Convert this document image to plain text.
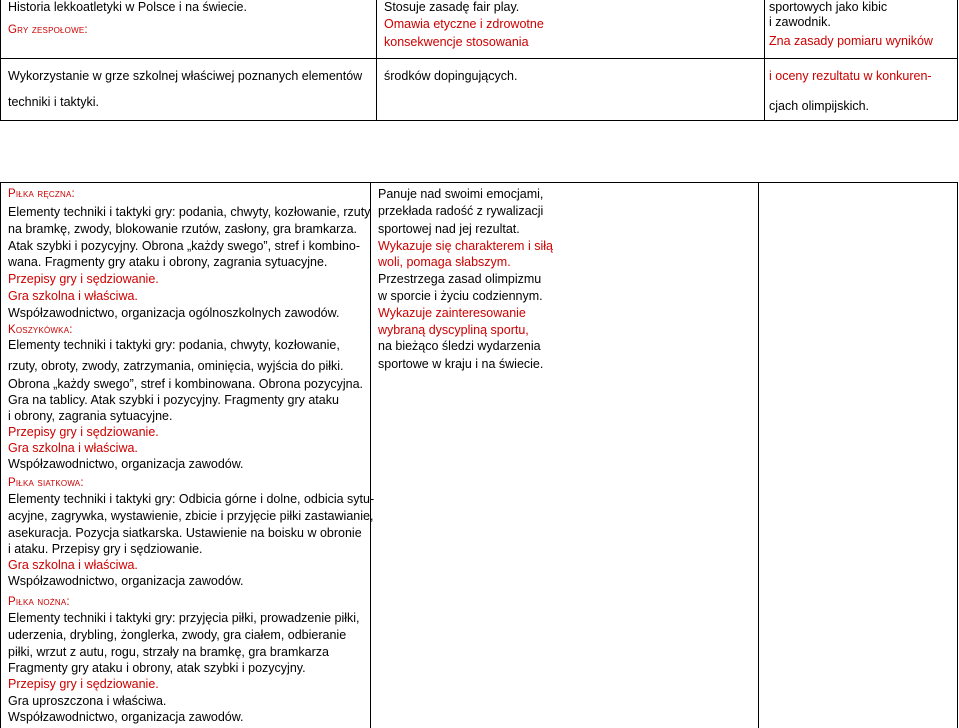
Historia lekkoatletyki w Polsce i na świecie.
Gry zespołowe:
Wykorzystanie w grze szkolnej właściwej poznanych elementów
techniki i taktyki.
Stosuje zasadę fair play.
Omawia etyczne i zdrowotne
konsekwencje stosowania
środków dopingujących.
sportowych jako kibic
i zawodnik.
Zna zasady pomiaru wyników
i oceny rezultatu w konkuren-
cjach olimpijskich.
Piłka ręczna:
Elementy techniki i taktyki gry: podania, chwyty, kozłowanie, rzuty
na bramkę, zwody, blokowanie rzutów, zasłony, gra bramkarza.
Atak szybki i pozycyjny. Obrona „każdy swego”, stref i kombino-
wana. Fragmenty gry ataku i obrony, zagrania sytuacyjne.
Przepisy gry i sędziowanie.
Gra szkolna i właściwa.
Współzawodnictwo, organizacja ogólnoszkolnych zawodów.
Koszykówka:
Elementy techniki i taktyki gry: podania, chwyty, kozłowanie,
rzuty, obroty, zwody, zatrzymania, ominięcia, wyjścia do piłki.
Obrona „każdy swego”, stref i kombinowana. Obrona pozycyjna.
Gra na tablicy. Atak szybki i pozycyjny. Fragmenty gry ataku
i obrony, zagrania sytuacyjne.
Przepisy gry i sędziowanie.
Gra szkolna i właściwa.
Współzawodnictwo, organizacja zawodów.
Piłka siatkowa:
Elementy techniki i taktyki gry: Odbicia górne i dolne, odbicia sytu-
acyjne, zagrywka, wystawienie, zbicie i przyjęcie piłki zastawianie,
asekuracja. Pozycja siatkarska. Ustawienie na boisku w obronie
i ataku. Przepisy gry i sędziowanie.
Gra szkolna i właściwa.
Współzawodnictwo, organizacja zawodów.
Piłka nożna:
Elementy techniki i taktyki gry: przyjęcia piłki, prowadzenie piłki,
uderzenia, drybling, żonglerka, zwody, gra ciałem, odbieranie
piłki, wrzut z autu, rogu, strzały na bramkę, gra bramkarza
Fragmenty gry ataku i obrony, atak szybki i pozycyjny.
Przepisy gry i sędziowanie.
Gra uproszczona i właściwa.
Współzawodnictwo, organizacja zawodów.
Panuje nad swoimi emocjami,
przekłada radość z rywalizacji
sportowej nad jej rezultat.
Wykazuje się charakterem i siłą
woli, pomaga słabszym.
Przestrzega zasad olimpizmu
w sporcie i życiu codziennym.
Wykazuje zainteresowanie
wybraną dyscypliną sportu,
na bieżąco śledzi wydarzenia
sportowe w kraju i na świecie.
